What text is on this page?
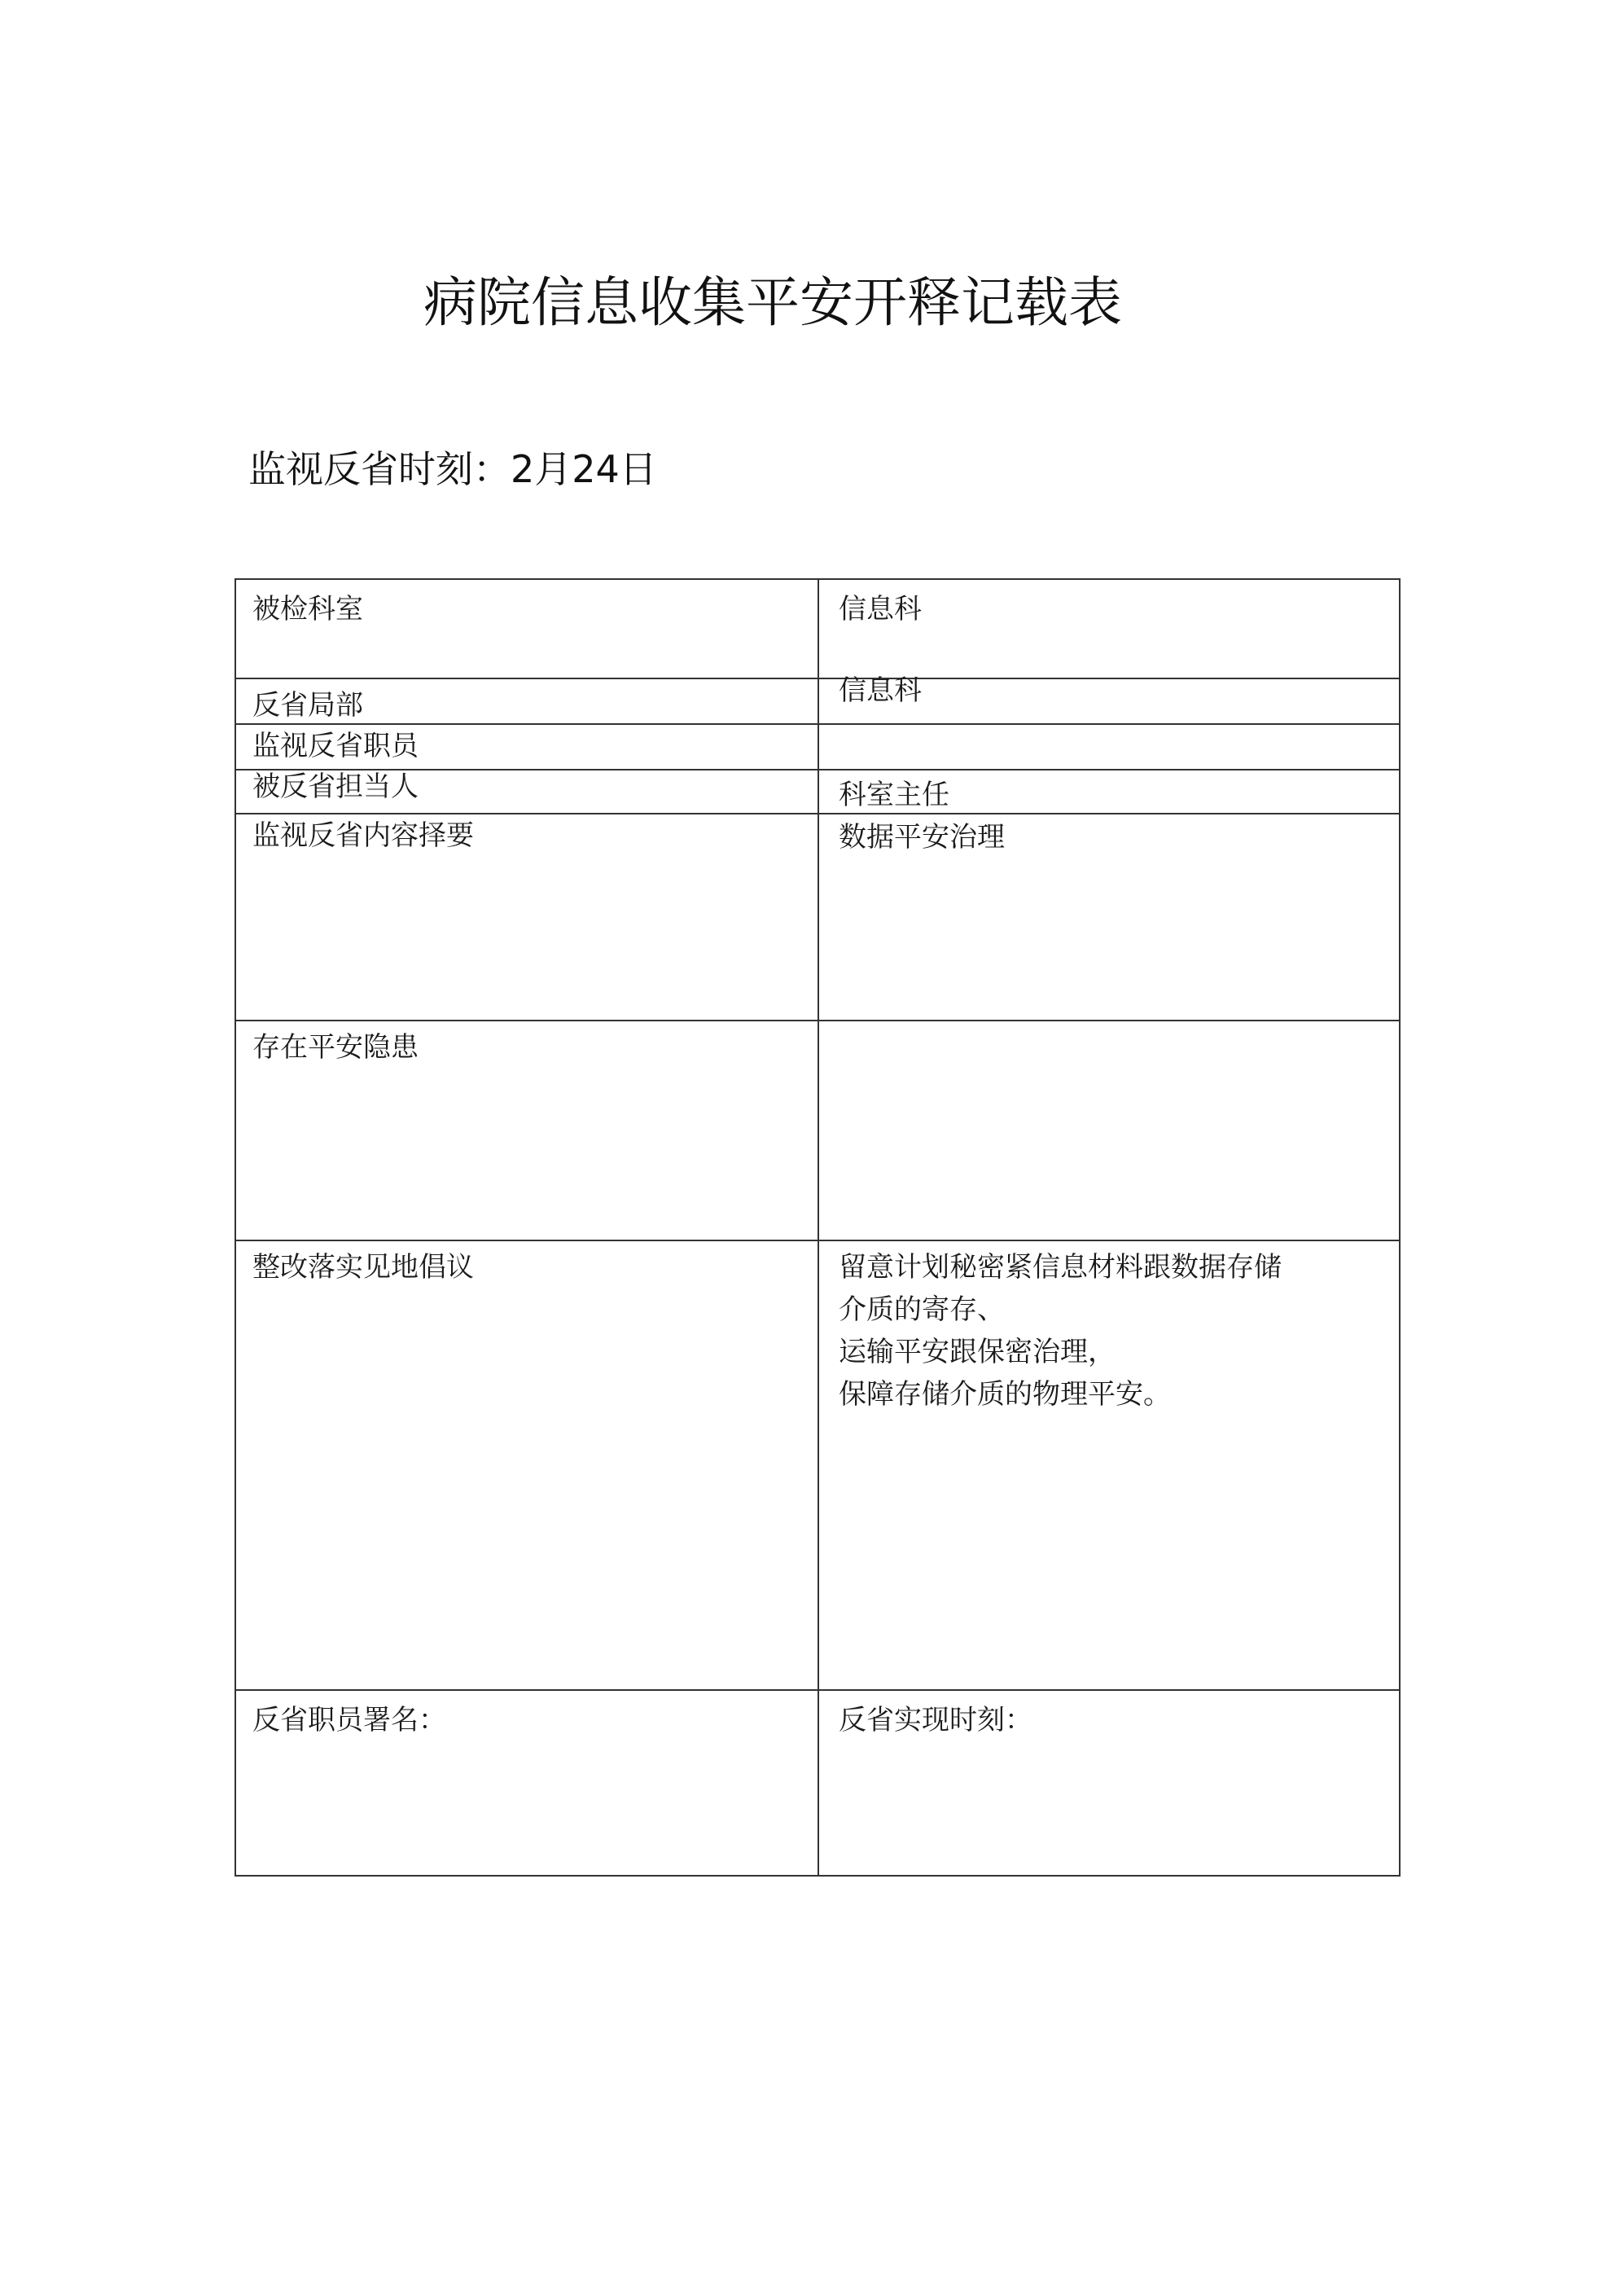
病院信息收集平安开释记载表
监视反省时刻：2月24日
被检科室	信息科
反省局部	信息科
监视反省职员
被反省担当人	科室主任
监视反省内容择要	数据平安治理
存在平安隐患
整改落实见地倡议	留意计划秘密紧信息材料跟数据存储
介质的寄存、
运输平安跟保密治理，
保障存储介质的物理平安。
反省职员署名：	反省实现时刻：
